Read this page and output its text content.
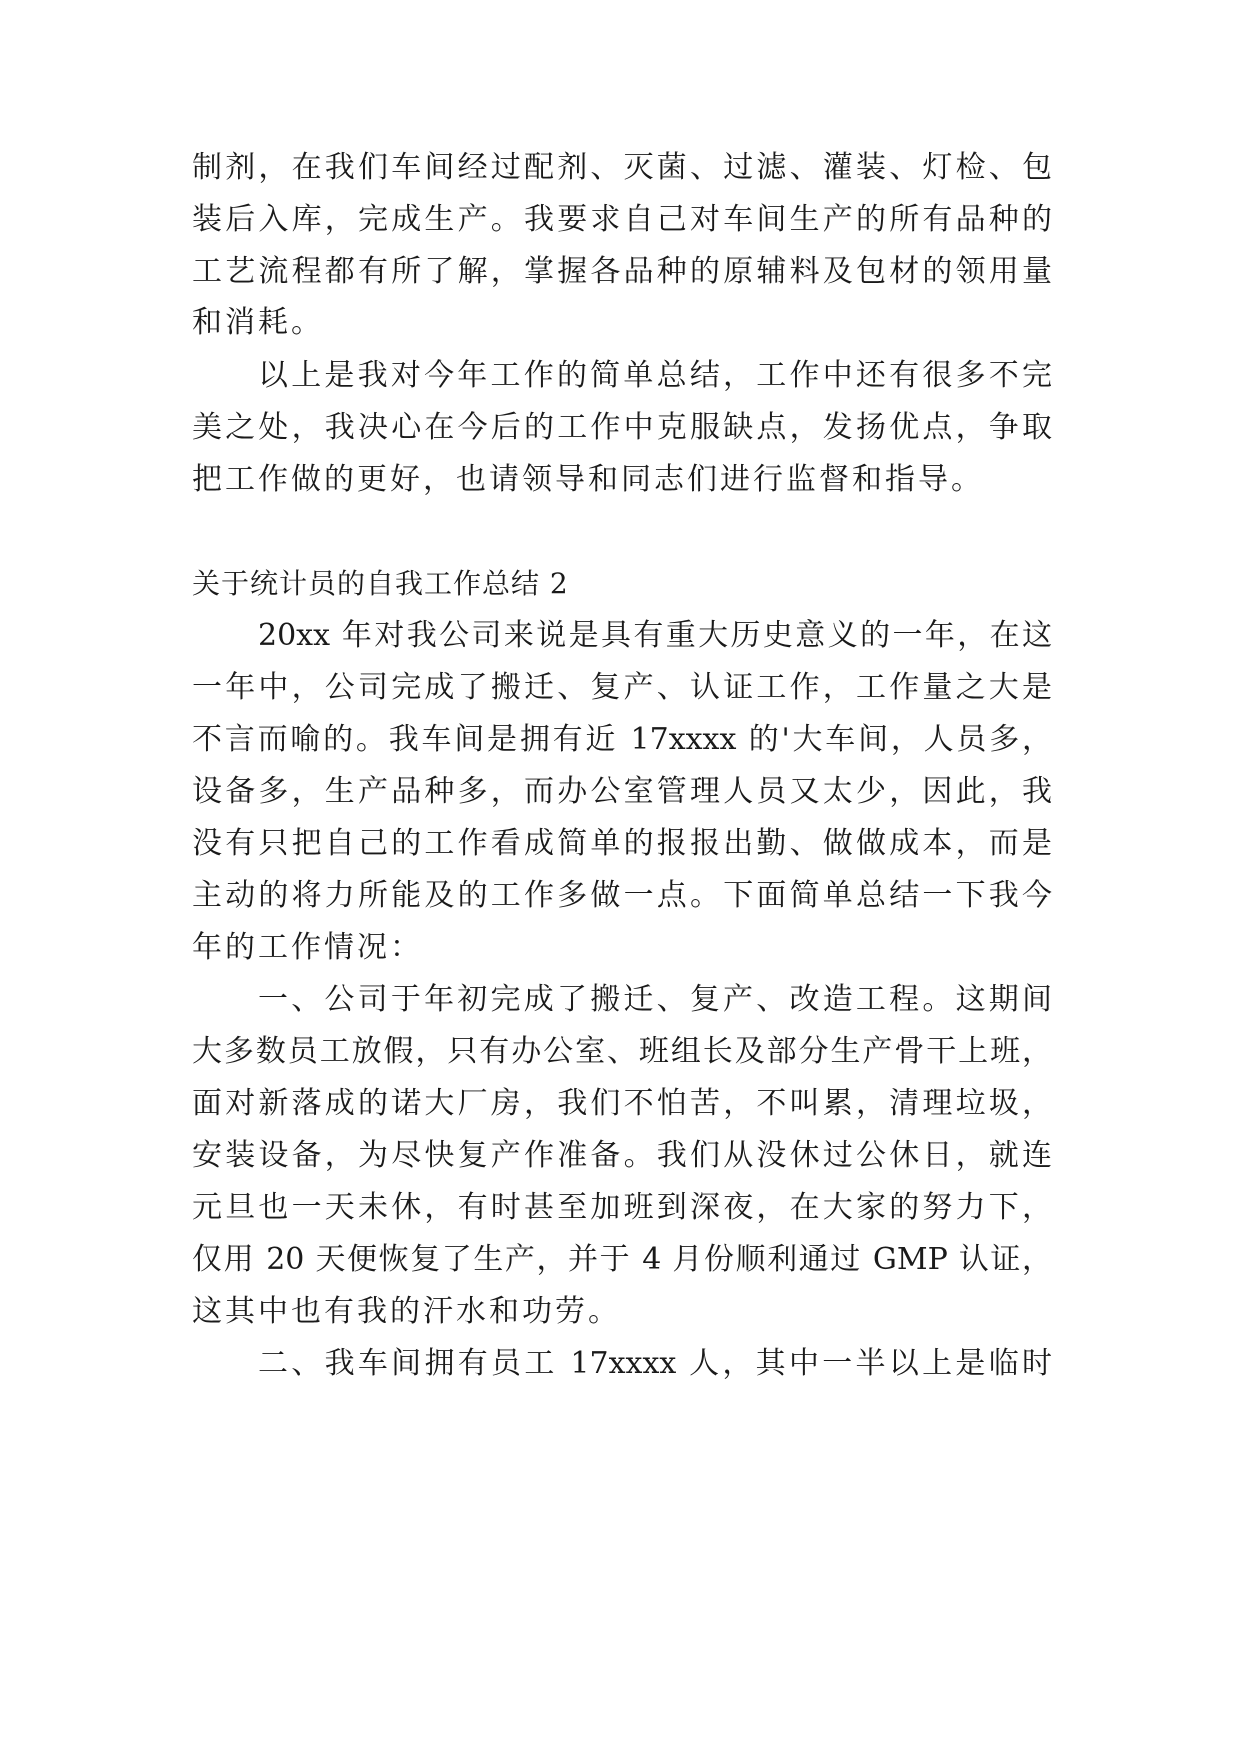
制剂，在我们车间经过配剂、灭菌、过滤、灌装、灯检、包
装后入库，完成生产。我要求自己对车间生产的所有品种的
工艺流程都有所了解，掌握各品种的原辅料及包材的领用量
和消耗。
以上是我对今年工作的简单总结，工作中还有很多不完
美之处，我决心在今后的工作中克服缺点，发扬优点，争取
把工作做的更好，也请领导和同志们进行监督和指导。
关于统计员的自我工作总结 2
20xx 年对我公司来说是具有重大历史意义的一年，在这
一年中，公司完成了搬迁、复产、认证工作，工作量之大是
不言而喻的。我车间是拥有近 17xxxx 的'大车间，人员多，
设备多，生产品种多，而办公室管理人员又太少，因此，我
没有只把自己的工作看成简单的报报出勤、做做成本，而是
主动的将力所能及的工作多做一点。下面简单总结一下我今
年的工作情况：
一、公司于年初完成了搬迁、复产、改造工程。这期间
大多数员工放假，只有办公室、班组长及部分生产骨干上班，
面对新落成的诺大厂房，我们不怕苦，不叫累，清理垃圾，
安装设备，为尽快复产作准备。我们从没休过公休日，就连
元旦也一天未休，有时甚至加班到深夜，在大家的努力下，
仅用 20 天便恢复了生产，并于 4 月份顺利通过 GMP 认证，
这其中也有我的汗水和功劳。
二、我车间拥有员工 17xxxx 人，其中一半以上是临时
